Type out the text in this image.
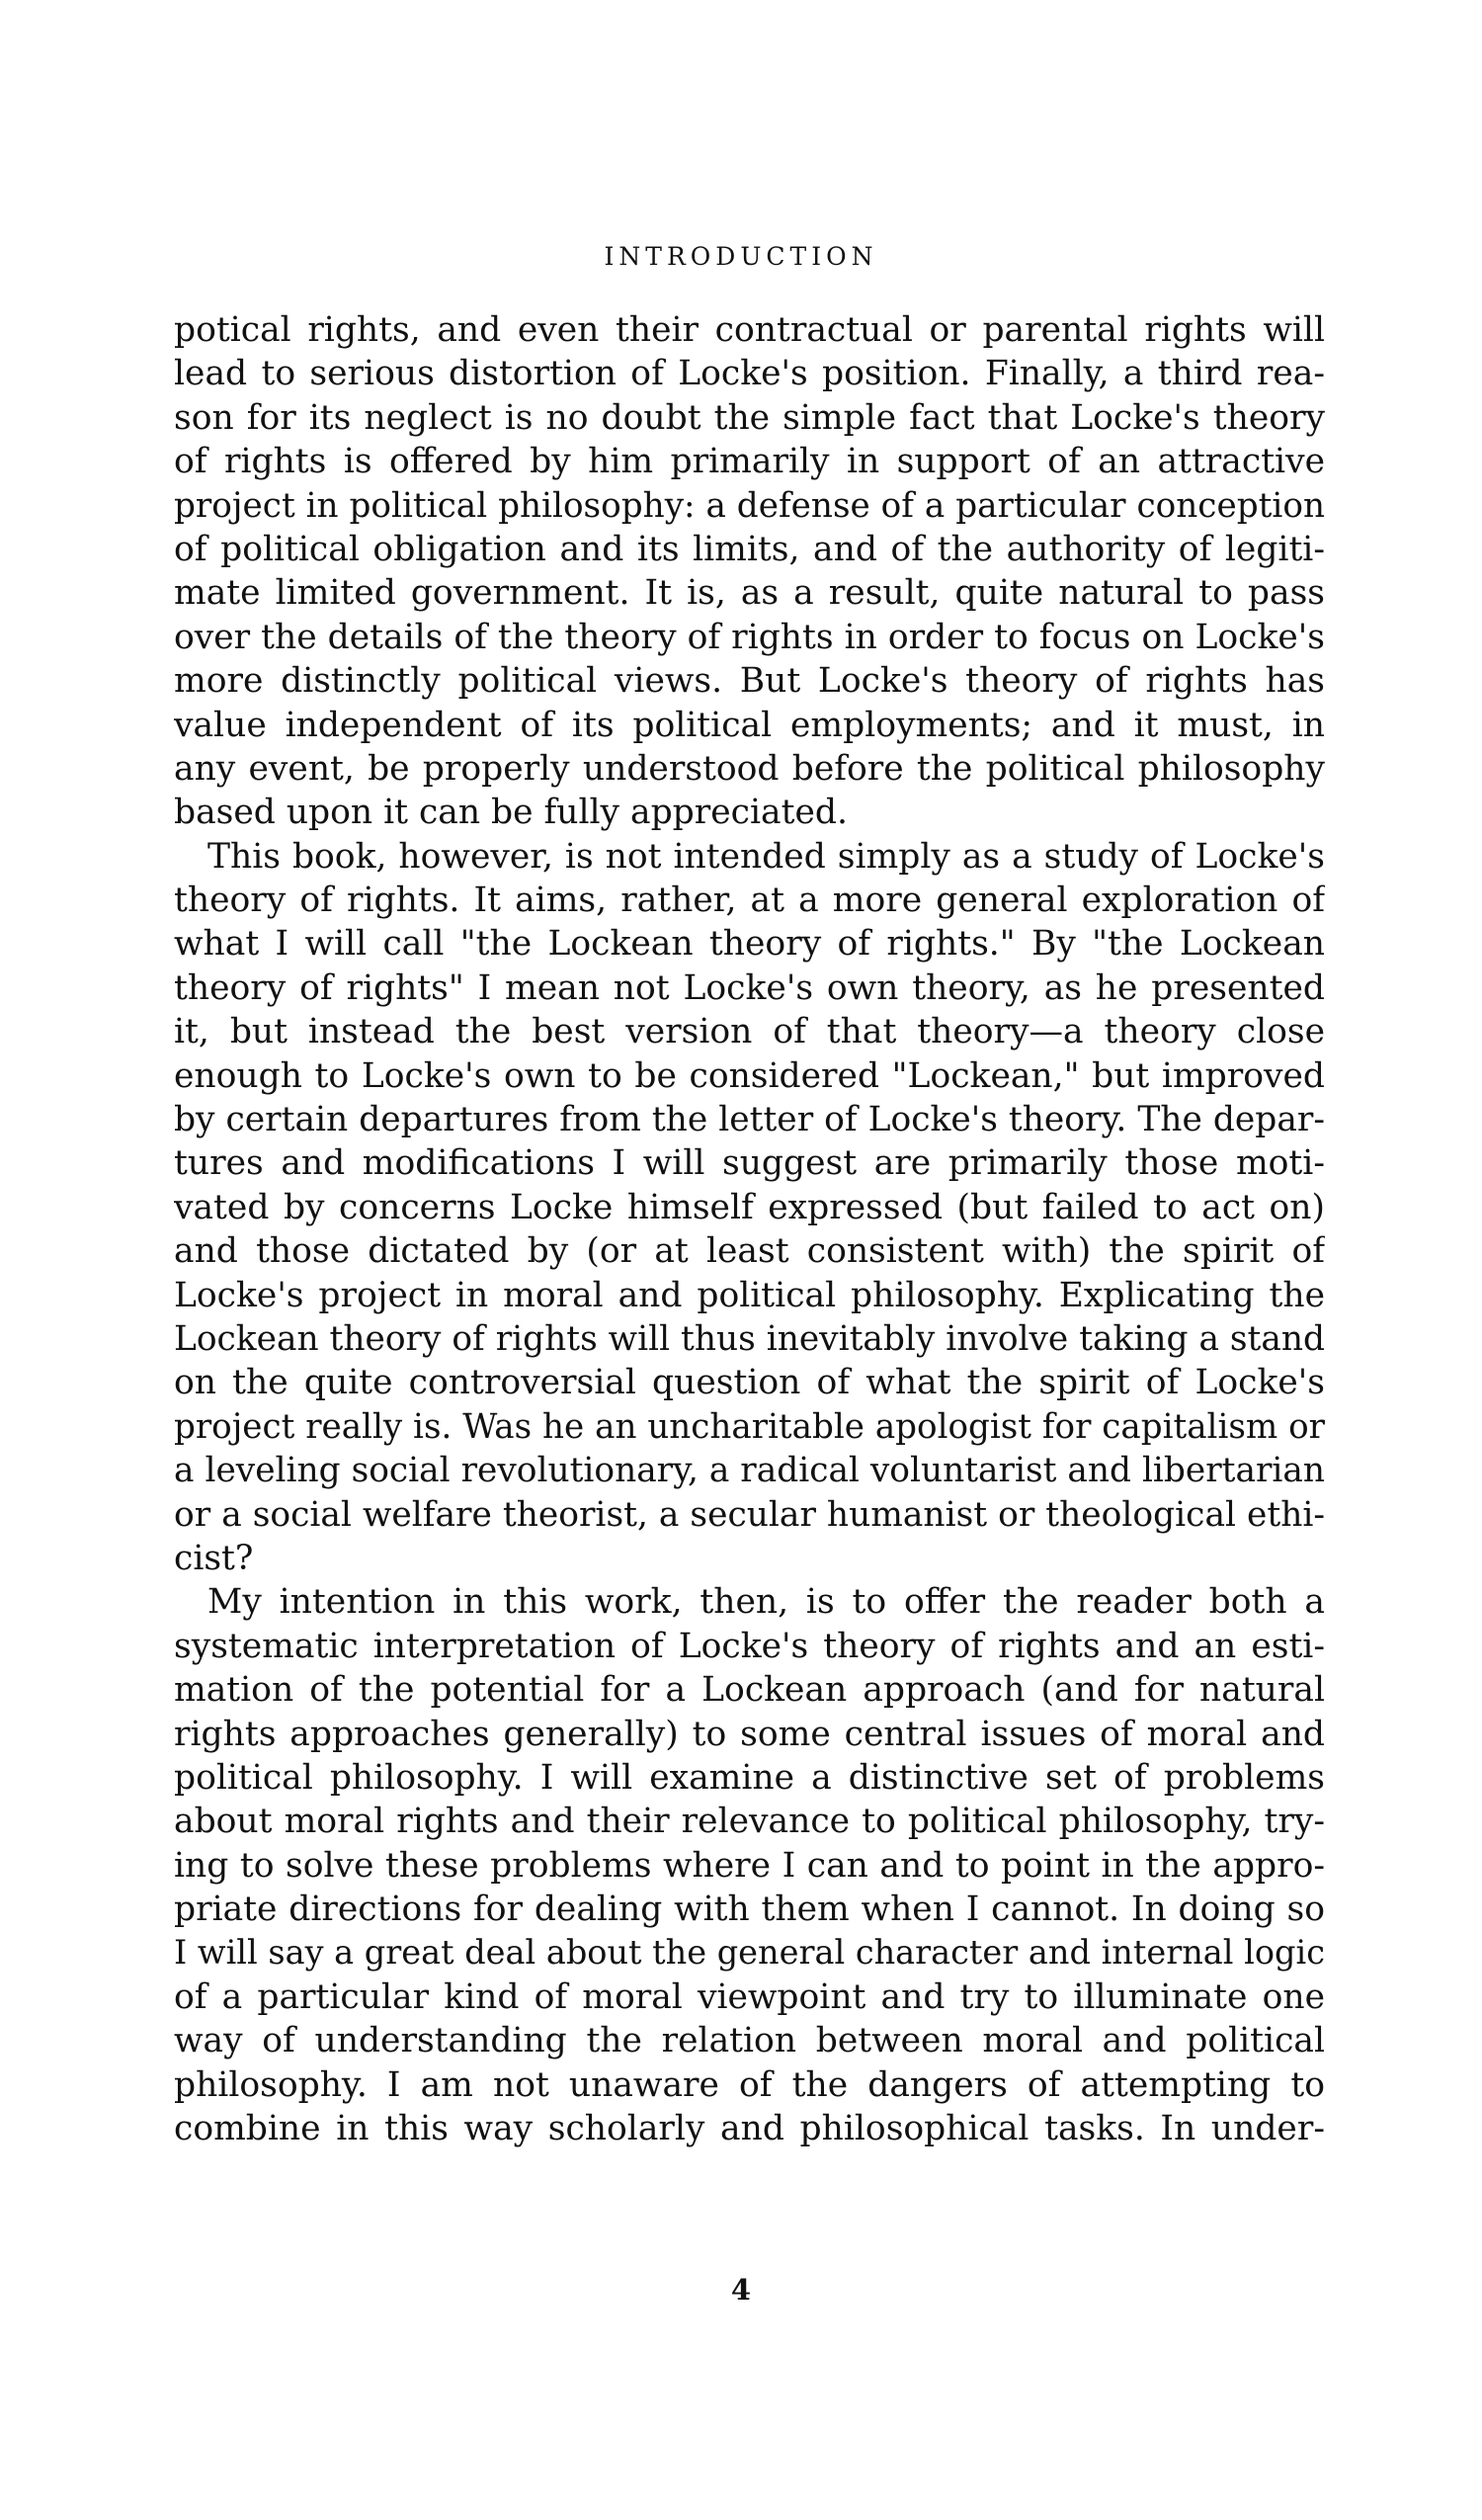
INTRODUCTION
potical rights, and even their contractual or parental rights will
lead to serious distortion of Locke's position. Finally, a third rea-
son for its neglect is no doubt the simple fact that Locke's theory
of rights is offered by him primarily in support of an attractive
project in political philosophy: a defense of a particular conception
of political obligation and its limits, and of the authority of legiti-
mate limited government. It is, as a result, quite natural to pass
over the details of the theory of rights in order to focus on Locke's
more distinctly political views. But Locke's theory of rights has
value independent of its political employments; and it must, in
any event, be properly understood before the political philosophy
based upon it can be fully appreciated.
This book, however, is not intended simply as a study of Locke's
theory of rights. It aims, rather, at a more general exploration of
what I will call "the Lockean theory of rights." By "the Lockean
theory of rights" I mean not Locke's own theory, as he presented
it, but instead the best version of that theory—a theory close
enough to Locke's own to be considered "Lockean," but improved
by certain departures from the letter of Locke's theory. The depar-
tures and modifications I will suggest are primarily those moti-
vated by concerns Locke himself expressed (but failed to act on)
and those dictated by (or at least consistent with) the spirit of
Locke's project in moral and political philosophy. Explicating the
Lockean theory of rights will thus inevitably involve taking a stand
on the quite controversial question of what the spirit of Locke's
project really is. Was he an uncharitable apologist for capitalism or
a leveling social revolutionary, a radical voluntarist and libertarian
or a social welfare theorist, a secular humanist or theological ethi-
cist?
My intention in this work, then, is to offer the reader both a
systematic interpretation of Locke's theory of rights and an esti-
mation of the potential for a Lockean approach (and for natural
rights approaches generally) to some central issues of moral and
political philosophy. I will examine a distinctive set of problems
about moral rights and their relevance to political philosophy, try-
ing to solve these problems where I can and to point in the appro-
priate directions for dealing with them when I cannot. In doing so
I will say a great deal about the general character and internal logic
of a particular kind of moral viewpoint and try to illuminate one
way of understanding the relation between moral and political
philosophy. I am not unaware of the dangers of attempting to
combine in this way scholarly and philosophical tasks. In under-
4
